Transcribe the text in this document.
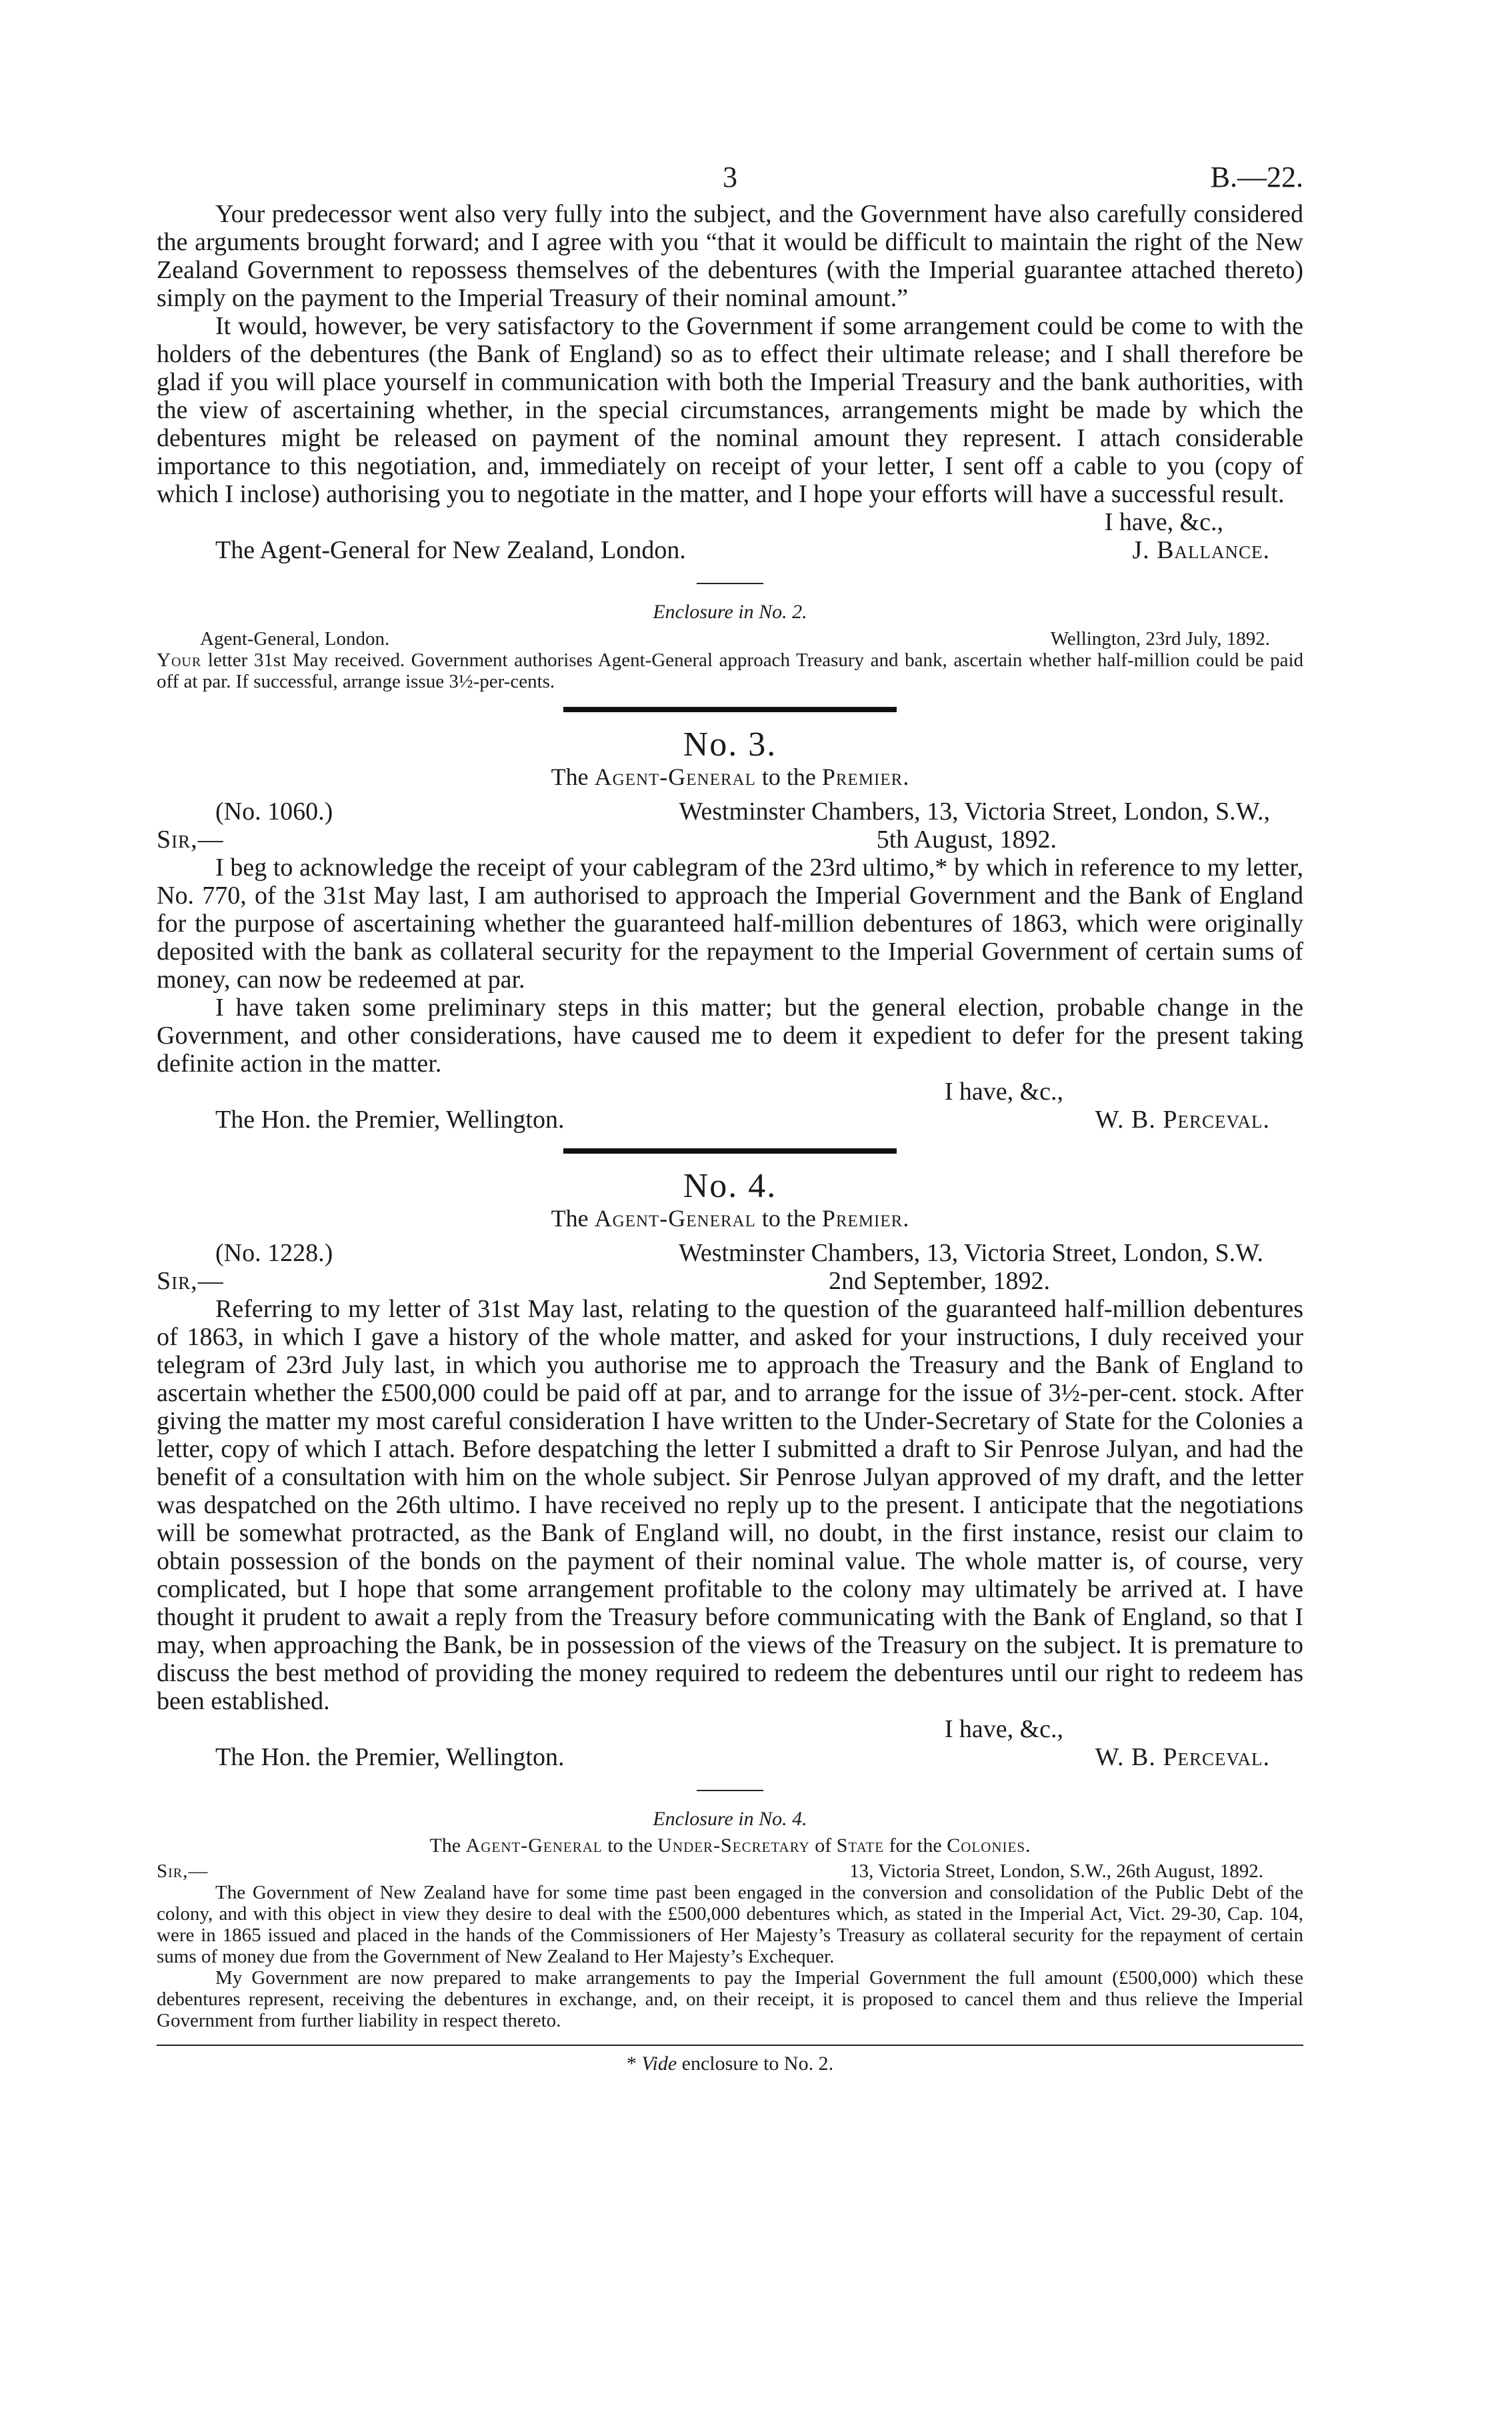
3	B.—22.

Your predecessor went also very fully into the subject, and the Government have also carefully considered the arguments brought forward; and I agree with you “that it would be difficult to maintain the right of the New Zealand Government to repossess themselves of the debentures (with the Imperial guarantee attached thereto) simply on the payment to the Imperial Treasury of their nominal amount.”

It would, however, be very satisfactory to the Government if some arrangement could be come to with the holders of the debentures (the Bank of England) so as to effect their ultimate release; and I shall therefore be glad if you will place yourself in communication with both the Imperial Treasury and the bank authorities, with the view of ascertaining whether, in the special circumstances, arrangements might be made by which the debentures might be released on payment of the nominal amount they represent. I attach considerable importance to this negotiation, and, immediately on receipt of your letter, I sent off a cable to you (copy of which I inclose) authorising you to negotiate in the matter, and I hope your efforts will have a successful result.

I have, &c.,
The Agent-General for New Zealand, London.	J. Ballance.
Enclosure in No. 2.
Agent-General, London.	Wellington, 23rd July, 1892.

Your letter 31st May received. Government authorises Agent-General approach Treasury and bank, ascertain whether half-million could be paid off at par. If successful, arrange issue 3½-per-cents.

No. 3.
The Agent-General to the Premier.
(No. 1060.)	Westminster Chambers, 13, Victoria Street, London, S.W.,
Sir,—	5th August, 1892.

I beg to acknowledge the receipt of your cablegram of the 23rd ultimo,* by which in reference to my letter, No. 770, of the 31st May last, I am authorised to approach the Imperial Government and the Bank of England for the purpose of ascertaining whether the guaranteed half-million debentures of 1863, which were originally deposited with the bank as collateral security for the repayment to the Imperial Government of certain sums of money, can now be redeemed at par.

I have taken some preliminary steps in this matter; but the general election, probable change in the Government, and other considerations, have caused me to deem it expedient to defer for the present taking definite action in the matter.

I have, &c.,
The Hon. the Premier, Wellington.	W. B. Perceval.
No. 4.
The Agent-General to the Premier.
(No. 1228.)	Westminster Chambers, 13, Victoria Street, London, S.W.
Sir,—	2nd September, 1892.

Referring to my letter of 31st May last, relating to the question of the guaranteed half-million debentures of 1863, in which I gave a history of the whole matter, and asked for your instructions, I duly received your telegram of 23rd July last, in which you authorise me to approach the Treasury and the Bank of England to ascertain whether the £500,000 could be paid off at par, and to arrange for the issue of 3½-per-cent. stock. After giving the matter my most careful consideration I have written to the Under-Secretary of State for the Colonies a letter, copy of which I attach. Before despatching the letter I submitted a draft to Sir Penrose Julyan, and had the benefit of a consultation with him on the whole subject. Sir Penrose Julyan approved of my draft, and the letter was despatched on the 26th ultimo. I have received no reply up to the present. I anticipate that the negotiations will be somewhat protracted, as the Bank of England will, no doubt, in the first instance, resist our claim to obtain possession of the bonds on the payment of their nominal value. The whole matter is, of course, very complicated, but I hope that some arrangement profitable to the colony may ultimately be arrived at. I have thought it prudent to await a reply from the Treasury before communicating with the Bank of England, so that I may, when approaching the Bank, be in possession of the views of the Treasury on the subject. It is premature to discuss the best method of providing the money required to redeem the debentures until our right to redeem has been established.

I have, &c.,
The Hon. the Premier, Wellington.	W. B. Perceval.
Enclosure in No. 4.
The Agent-General to the Under-Secretary of State for the Colonies.
Sir,—	13, Victoria Street, London, S.W., 26th August, 1892.

The Government of New Zealand have for some time past been engaged in the conversion and consolidation of the Public Debt of the colony, and with this object in view they desire to deal with the £500,000 debentures which, as stated in the Imperial Act, Vict. 29-30, Cap. 104, were in 1865 issued and placed in the hands of the Commissioners of Her Majesty’s Treasury as collateral security for the repayment of certain sums of money due from the Government of New Zealand to Her Majesty’s Exchequer.

My Government are now prepared to make arrangements to pay the Imperial Government the full amount (£500,000) which these debentures represent, receiving the debentures in exchange, and, on their receipt, it is proposed to cancel them and thus relieve the Imperial Government from further liability in respect thereto.

* Vide enclosure to No. 2.
